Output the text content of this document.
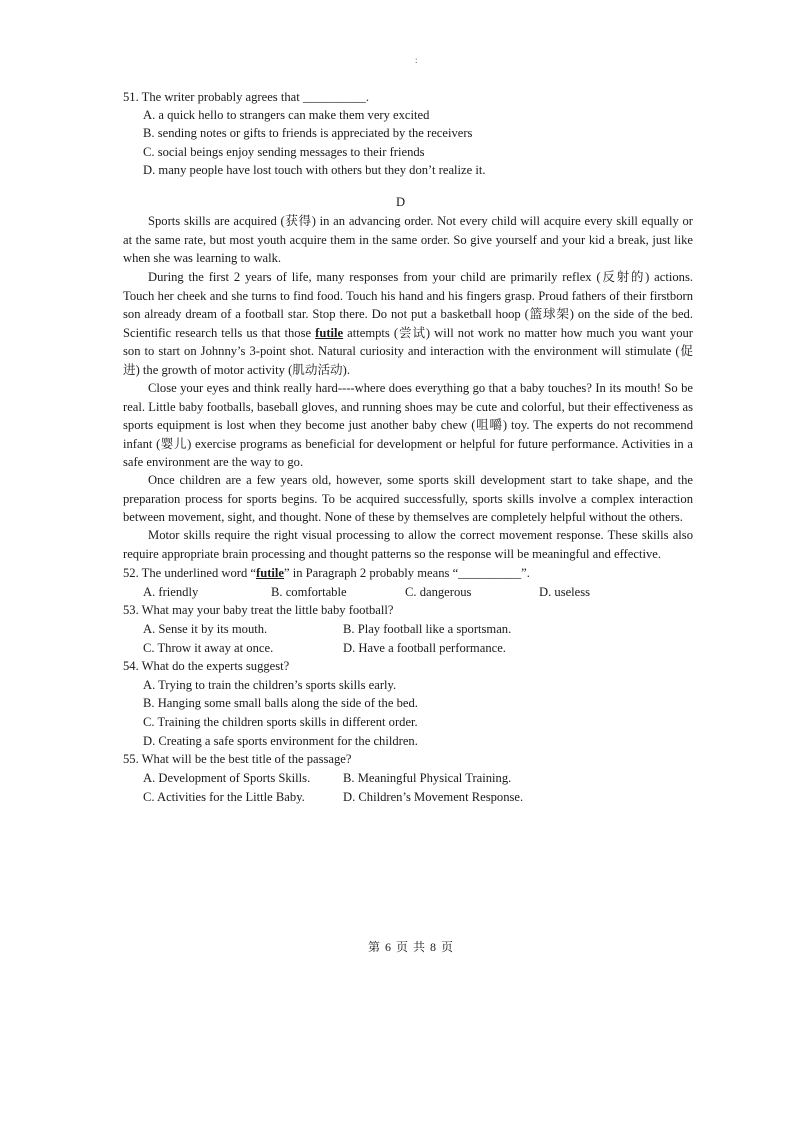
:
51. The writer probably agrees that __________.
A. a quick hello to strangers can make them very excited
B. sending notes or gifts to friends is appreciated by the receivers
C. social beings enjoy sending messages to their friends
D. many people have lost touch with others but they don’t realize it.
D

Sports skills are acquired (获得) in an advancing order. Not every child will acquire every skill equally or at the same rate, but most youth acquire them in the same order. So give yourself and your kid a break, just like when she was learning to walk.

During the first 2 years of life, many responses from your child are primarily reflex (反射的) actions. Touch her cheek and she turns to find food. Touch his hand and his fingers grasp. Proud fathers of their firstborn son already dream of a football star. Stop there. Do not put a basketball hoop (篮球架) on the side of the bed. Scientific research tells us that those futile attempts (尝试) will not work no matter how much you want your son to start on Johnny’s 3-point shot. Natural curiosity and interaction with the environment will stimulate (促进) the growth of motor activity (肌动活动).

Close your eyes and think really hard----where does everything go that a baby touches? In its mouth! So be real. Little baby footballs, baseball gloves, and running shoes may be cute and colorful, but their effectiveness as sports equipment is lost when they become just another baby chew (咀嚼) toy. The experts do not recommend infant (婴儿) exercise programs as beneficial for development or helpful for future performance. Activities in a safe environment are the way to go.

Once children are a few years old, however, some sports skill development start to take shape, and the preparation process for sports begins. To be acquired successfully, sports skills involve a complex interaction between movement, sight, and thought. None of these by themselves are completely helpful without the others.

Motor skills require the right visual processing to allow the correct movement response. These skills also require appropriate brain processing and thought patterns so the response will be meaningful and effective.

52. The underlined word “futile” in Paragraph 2 probably means “__________”.
A. friendly	B. comfortable	C. dangerous	D. useless
53. What may your baby treat the little baby football?
A. Sense it by its mouth.	B. Play football like a sportsman.
C. Throw it away at once.	D. Have a football performance.
54. What do the experts suggest?
A. Trying to train the children’s sports skills early.
B. Hanging some small balls along the side of the bed.
C. Training the children sports skills in different order.
D. Creating a safe sports environment for the children.
55. What will be the best title of the passage?
A. Development of Sports Skills.	B. Meaningful Physical Training.
C. Activities for the Little Baby.	D. Children’s Movement Response.
第 6 页 共 8 页
